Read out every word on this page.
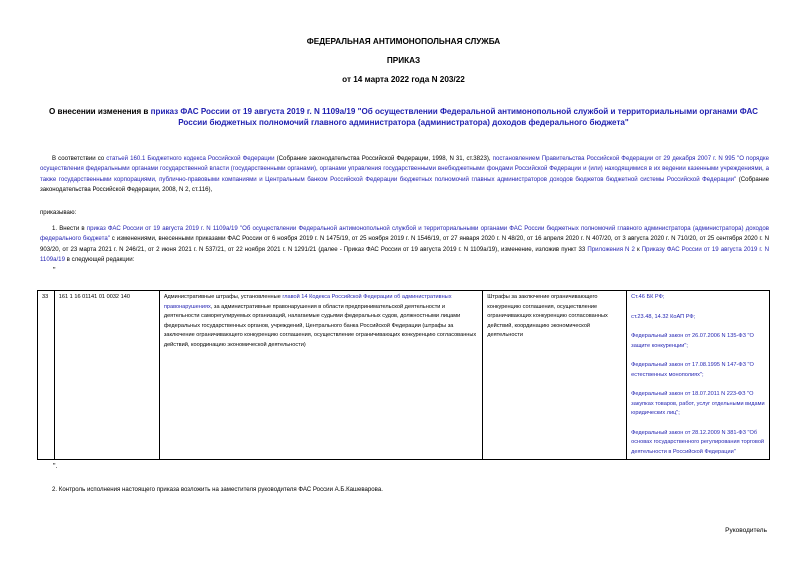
ФЕДЕРАЛЬНАЯ АНТИМОНОПОЛЬНАЯ СЛУЖБА
ПРИКАЗ
от 14 марта 2022 года N 203/22
О внесении изменения в приказ ФАС России от 19 августа 2019 г. N 1109а/19 "Об осуществлении Федеральной антимонопольной службой и территориальными органами ФАС России бюджетных полномочий главного администратора (администратора) доходов федерального бюджета"
В соответствии со статьей 160.1 Бюджетного кодекса Российской Федерации (Собрание законодательства Российской Федерации, 1998, N 31, ст.3823), постановлением Правительства Российской Федерации от 29 декабря 2007 г. N 995 "О порядке осуществления федеральными органами государственной власти (государственными органами), органами управления государственными внебюджетными фондами Российской Федерации и (или) находящимися в их ведении казенными учреждениями, а также государственными корпорациями, публично-правовыми компаниями и Центральным банком Российской Федерации бюджетных полномочий главных администраторов доходов бюджетов бюджетной системы Российской Федерации" (Собрание законодательства Российской Федерации, 2008, N 2, ст.116),
приказываю:
1. Внести в приказ ФАС России от 19 августа 2019 г. N 1109а/19 "Об осуществлении Федеральной антимонопольной службой и территориальными органами ФАС России бюджетных полномочий главного администратора (администратора) доходов федерального бюджета" с изменениями, внесенными приказами ФАС России от 6 ноября 2019 г. N 1475/19, от 25 ноября 2019 г. N 1546/19, от 27 января 2020 г. N 48/20, от 16 апреля 2020 г. N 407/20, от 3 августа 2020 г. N 710/20, от 25 сентября 2020 г. N 903/20, от 23 марта 2021 г. N 246/21, от 2 июня 2021 г. N 537/21, от 22 ноября 2021 г. N 1291/21 (далее - Приказ ФАС России от 19 августа 2019 г. N 1109а/19), изменение, изложив пункт 33 Приложения N 2 к Приказу ФАС России от 19 августа 2019 г. N 1109а/19 в следующей редакции:
"
33	161 1 16 01141 01 0032 140	Административные штрафы, установленные главой 14 Кодекса Российской Федерации об административных правонарушениях, за административные правонарушения в области предпринимательской деятельности и деятельности саморегулируемых организаций, налагаемые судьями федеральных судов, должностными лицами федеральных государственных органов, учреждений, Центрального банка Российской Федерации (штрафы за заключение ограничивающего конкуренцию соглашения, осуществление ограничивающих конкуренцию согласованных действий, координацию экономической деятельности)	Штрафы за заключение ограничивающего конкуренцию соглашения, осуществление ограничивающих конкуренцию согласованных действий, координацию экономической деятельности	
Ст.46 БК РФ;
ст.23.48, 14.32 КоАП РФ;
Федеральный закон от 26.07.2006 N 135-ФЗ "О защите конкуренции";
Федеральный закон от 17.08.1995 N 147-ФЗ "О естественных монополиях";
Федеральный закон от 18.07.2011 N 223-ФЗ "О закупках товаров, работ, услуг отдельными видами юридических лиц";
Федеральный закон от 28.12.2009 N 381-ФЗ "Об основах государственного регулирования торговой деятельности в Российской Федерации"
".
2. Контроль исполнения настоящего приказа возложить на заместителя руководителя ФАС России А.Б.Кашеварова.
Руководитель
